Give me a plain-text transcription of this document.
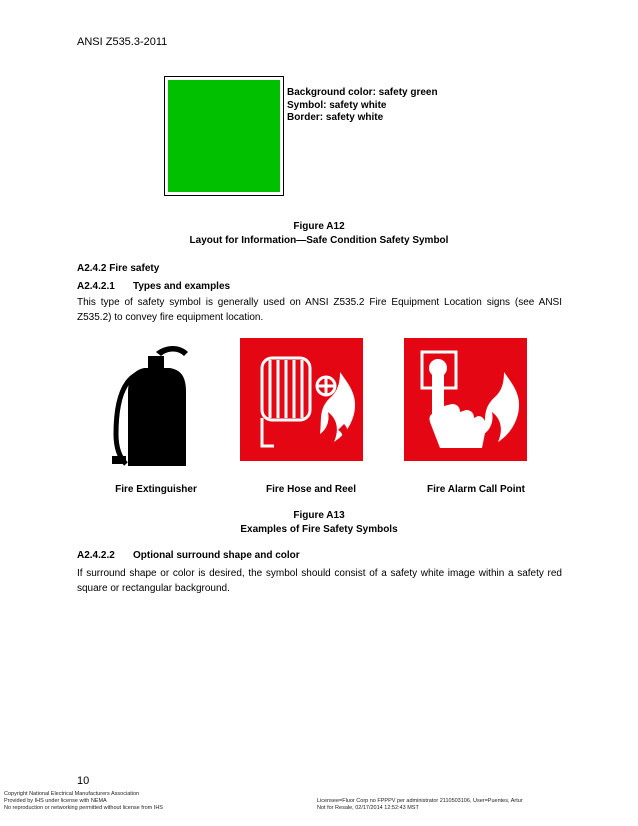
ANSI Z535.3-2011
Background color: safety green
Symbol: safety white
Border: safety white
Figure A12
Layout for Information—Safe Condition Safety Symbol
A2.4.2 Fire safety
A2.4.2.1 Types and examples
This type of safety symbol is generally used on ANSI Z535.2 Fire Equipment Location signs (see ANSI Z535.2) to convey fire equipment location.
Fire Extinguisher	Fire Hose and Reel	Fire Alarm Call Point
Figure A13
Examples of Fire Safety Symbols
A2.4.2.2 Optional surround shape and color
If surround shape or color is desired, the symbol should consist of a safety white image within a safety red square or rectangular background.
10
Copyright National Electrical Manufacturers Association
Provided by IHS under license with NEMA
No reproduction or networking permitted without license from IHS
Licensee=Fluor Corp no FPPPV per administrator 2110503106, User=Puentes, Artur
Not for Resale, 02/17/2014 12:52:43 MST
